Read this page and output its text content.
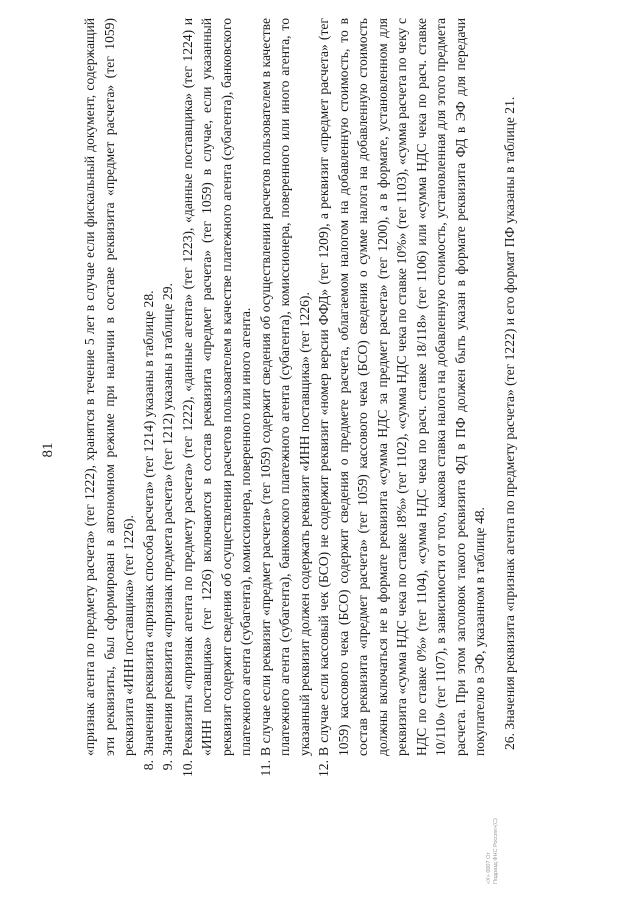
81 «признак агента по предмету расчета» (тег 1222), хранятся в течение 5 лет в случае если фискальный документ, содержащий эти реквизиты, был сформирован в автономном режиме при наличии в составе реквизита «предмет расчета» (тег 1059) реквизита «ИНН поставщика» (тег 1226).
8.
Значения реквизита «признак способа расчета» (тег 1214) указаны в таблице 28.
9.
Значения реквизита «признак предмета расчета» (тег 1212) указаны в таблице 29.
10.
Реквизиты «признак агента по предмету расчета» (тег 1222), «данные агента» (тег 1223), «данные поставщика» (тег 1224) и «ИНН поставщика» (тег 1226) включаются в состав реквизита «предмет расчета» (тег 1059) в случае, если указанный реквизит содержит сведения об осуществлении расчетов пользователем в качестве платежного агента (субагента), банковского платежного агента (субагента), комиссионера, поверенного или иного агента.
11.
В случае если реквизит «предмет расчета» (тег 1059) содержит сведения об осуществлении расчетов пользователем в качестве платежного агента (субагента), банковского платежного агента (субагента), комиссионера, поверенного или иного агента, то указанный реквизит должен содержать реквизит «ИНН поставщика» (тег 1226).
12.
В случае если кассовый чек (БСО) не содержит реквизит «номер версии ФФД» (тег 1209), а реквизит «предмет расчета» (тег 1059) кассового чека (БСО) содержит сведения о предмете расчета, облагаемом налогом на добавленную стоимость, то в состав реквизита «предмет расчета» (тег 1059) кассового чека (БСО) сведения о сумме налога на добавленную стоимость должны включаться не в формате реквизита «сумма НДС за предмет расчета» (тег 1200), а в формате, установленном для реквизита «сумма НДС чека по ставке 18%» (тег 1102), «сумма НДС чека по ставке 10%» (тег 1103), «сумма расчета по чеку с НДС по ставке 0%» (тег 1104), «сумма НДС чека по расч. ставке 18/118» (тег 1106) или «сумма НДС чека по расч. ставке 10/110» (тег 1107), в зависимости от того, какова ставка налога на добавленную стоимость, установленная для этого предмета расчета. При этом заголовок такого реквизита ФД в ПФ должен быть указан в формате реквизита ФД в ЭФ для передачи покупателю в ЭФ, указанном в таблице 48. 26. Значения реквизита «признак агента по предмету расчета» (тег 1222) и его формат ПФ указаны в таблице 21.
«Х» 0007 От Подразд.ФНС России»(С)
